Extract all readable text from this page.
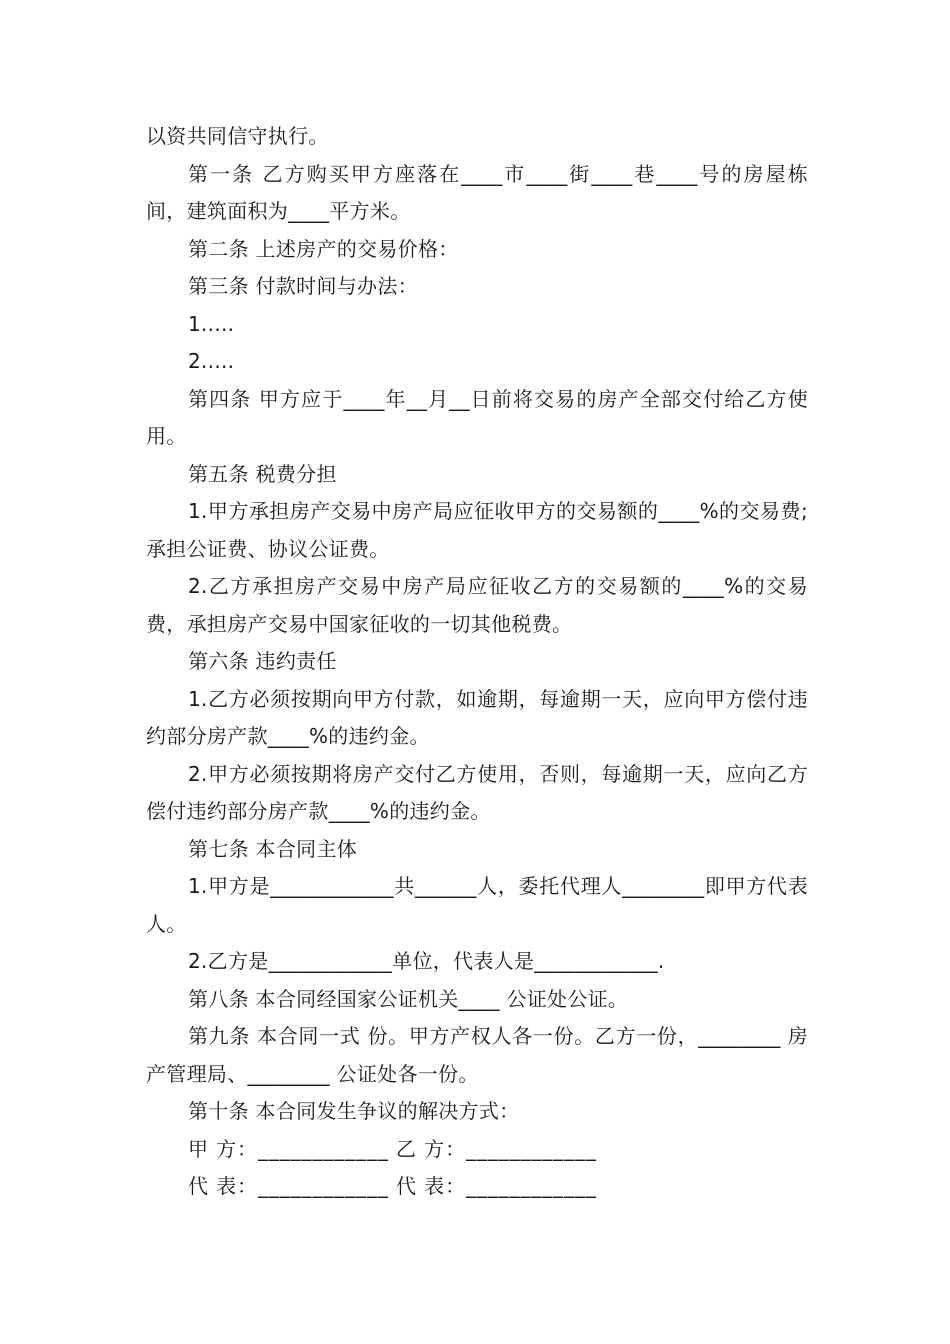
以资共同信守执行。

第一条 乙方购买甲方座落在____市____街____巷____号的房屋栋 间，建筑面积为____平方米。

第二条 上述房产的交易价格：

第三条 付款时间与办法：

1.....

2.....

第四条 甲方应于____年__月__日前将交易的房产全部交付给乙方使用。

第五条 税费分担

1.甲方承担房产交易中房产局应征收甲方的交易额的____%的交易费;承担公证费、协议公证费。

2.乙方承担房产交易中房产局应征收乙方的交易额的____%的交易费，承担房产交易中国家征收的一切其他税费。

第六条 违约责任

1.乙方必须按期向甲方付款，如逾期，每逾期一天，应向甲方偿付违约部分房产款____%的违约金。

2.甲方必须按期将房产交付乙方使用，否则，每逾期一天，应向乙方偿付违约部分房产款____%的违约金。

第七条 本合同主体

1.甲方是____________共______人，委托代理人________即甲方代表人。

2.乙方是____________单位，代表人是____________.

第八条 本合同经国家公证机关____ 公证处公证。

第九条 本合同一式 份。甲方产权人各一份。乙方一份，________ 房产管理局、________ 公证处各一份。

第十条 本合同发生争议的解决方式：

甲 方：____________ 乙 方：____________

代 表：____________ 代 表：____________
